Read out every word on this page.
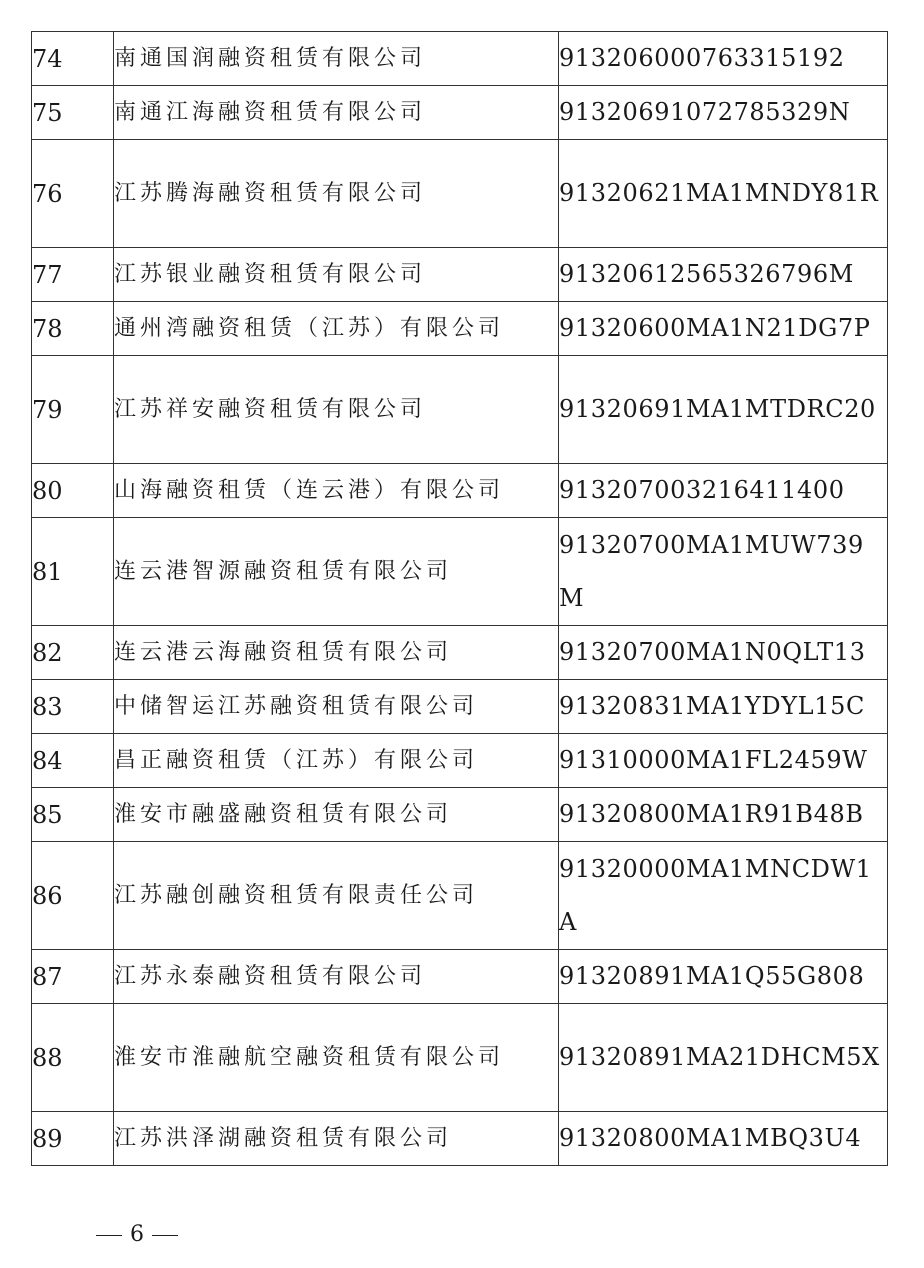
74	南通国润融资租赁有限公司	913206000763315192
75	南通江海融资租赁有限公司	91320691072785329N
76	江苏腾海融资租赁有限公司	91320621MA1MNDY81R
77	江苏银业融资租赁有限公司	91320612565326796M
78	通州湾融资租赁（江苏）有限公司	91320600MA1N21DG7P
79	江苏祥安融资租赁有限公司	91320691MA1MTDRC20
80	山海融资租赁（连云港）有限公司	913207003216411400
81	连云港智源融资租赁有限公司	91320700MA1MUW739M
82	连云港云海融资租赁有限公司	91320700MA1N0QLT13
83	中储智运江苏融资租赁有限公司	91320831MA1YDYL15C
84	昌正融资租赁（江苏）有限公司	91310000MA1FL2459W
85	淮安市融盛融资租赁有限公司	91320800MA1R91B48B
86	江苏融创融资租赁有限责任公司	91320000MA1MNCDW1A
87	江苏永泰融资租赁有限公司	91320891MA1Q55G808
88	淮安市淮融航空融资租赁有限公司	91320891MA21DHCM5X
89	江苏洪泽湖融资租赁有限公司	91320800MA1MBQ3U4
6
